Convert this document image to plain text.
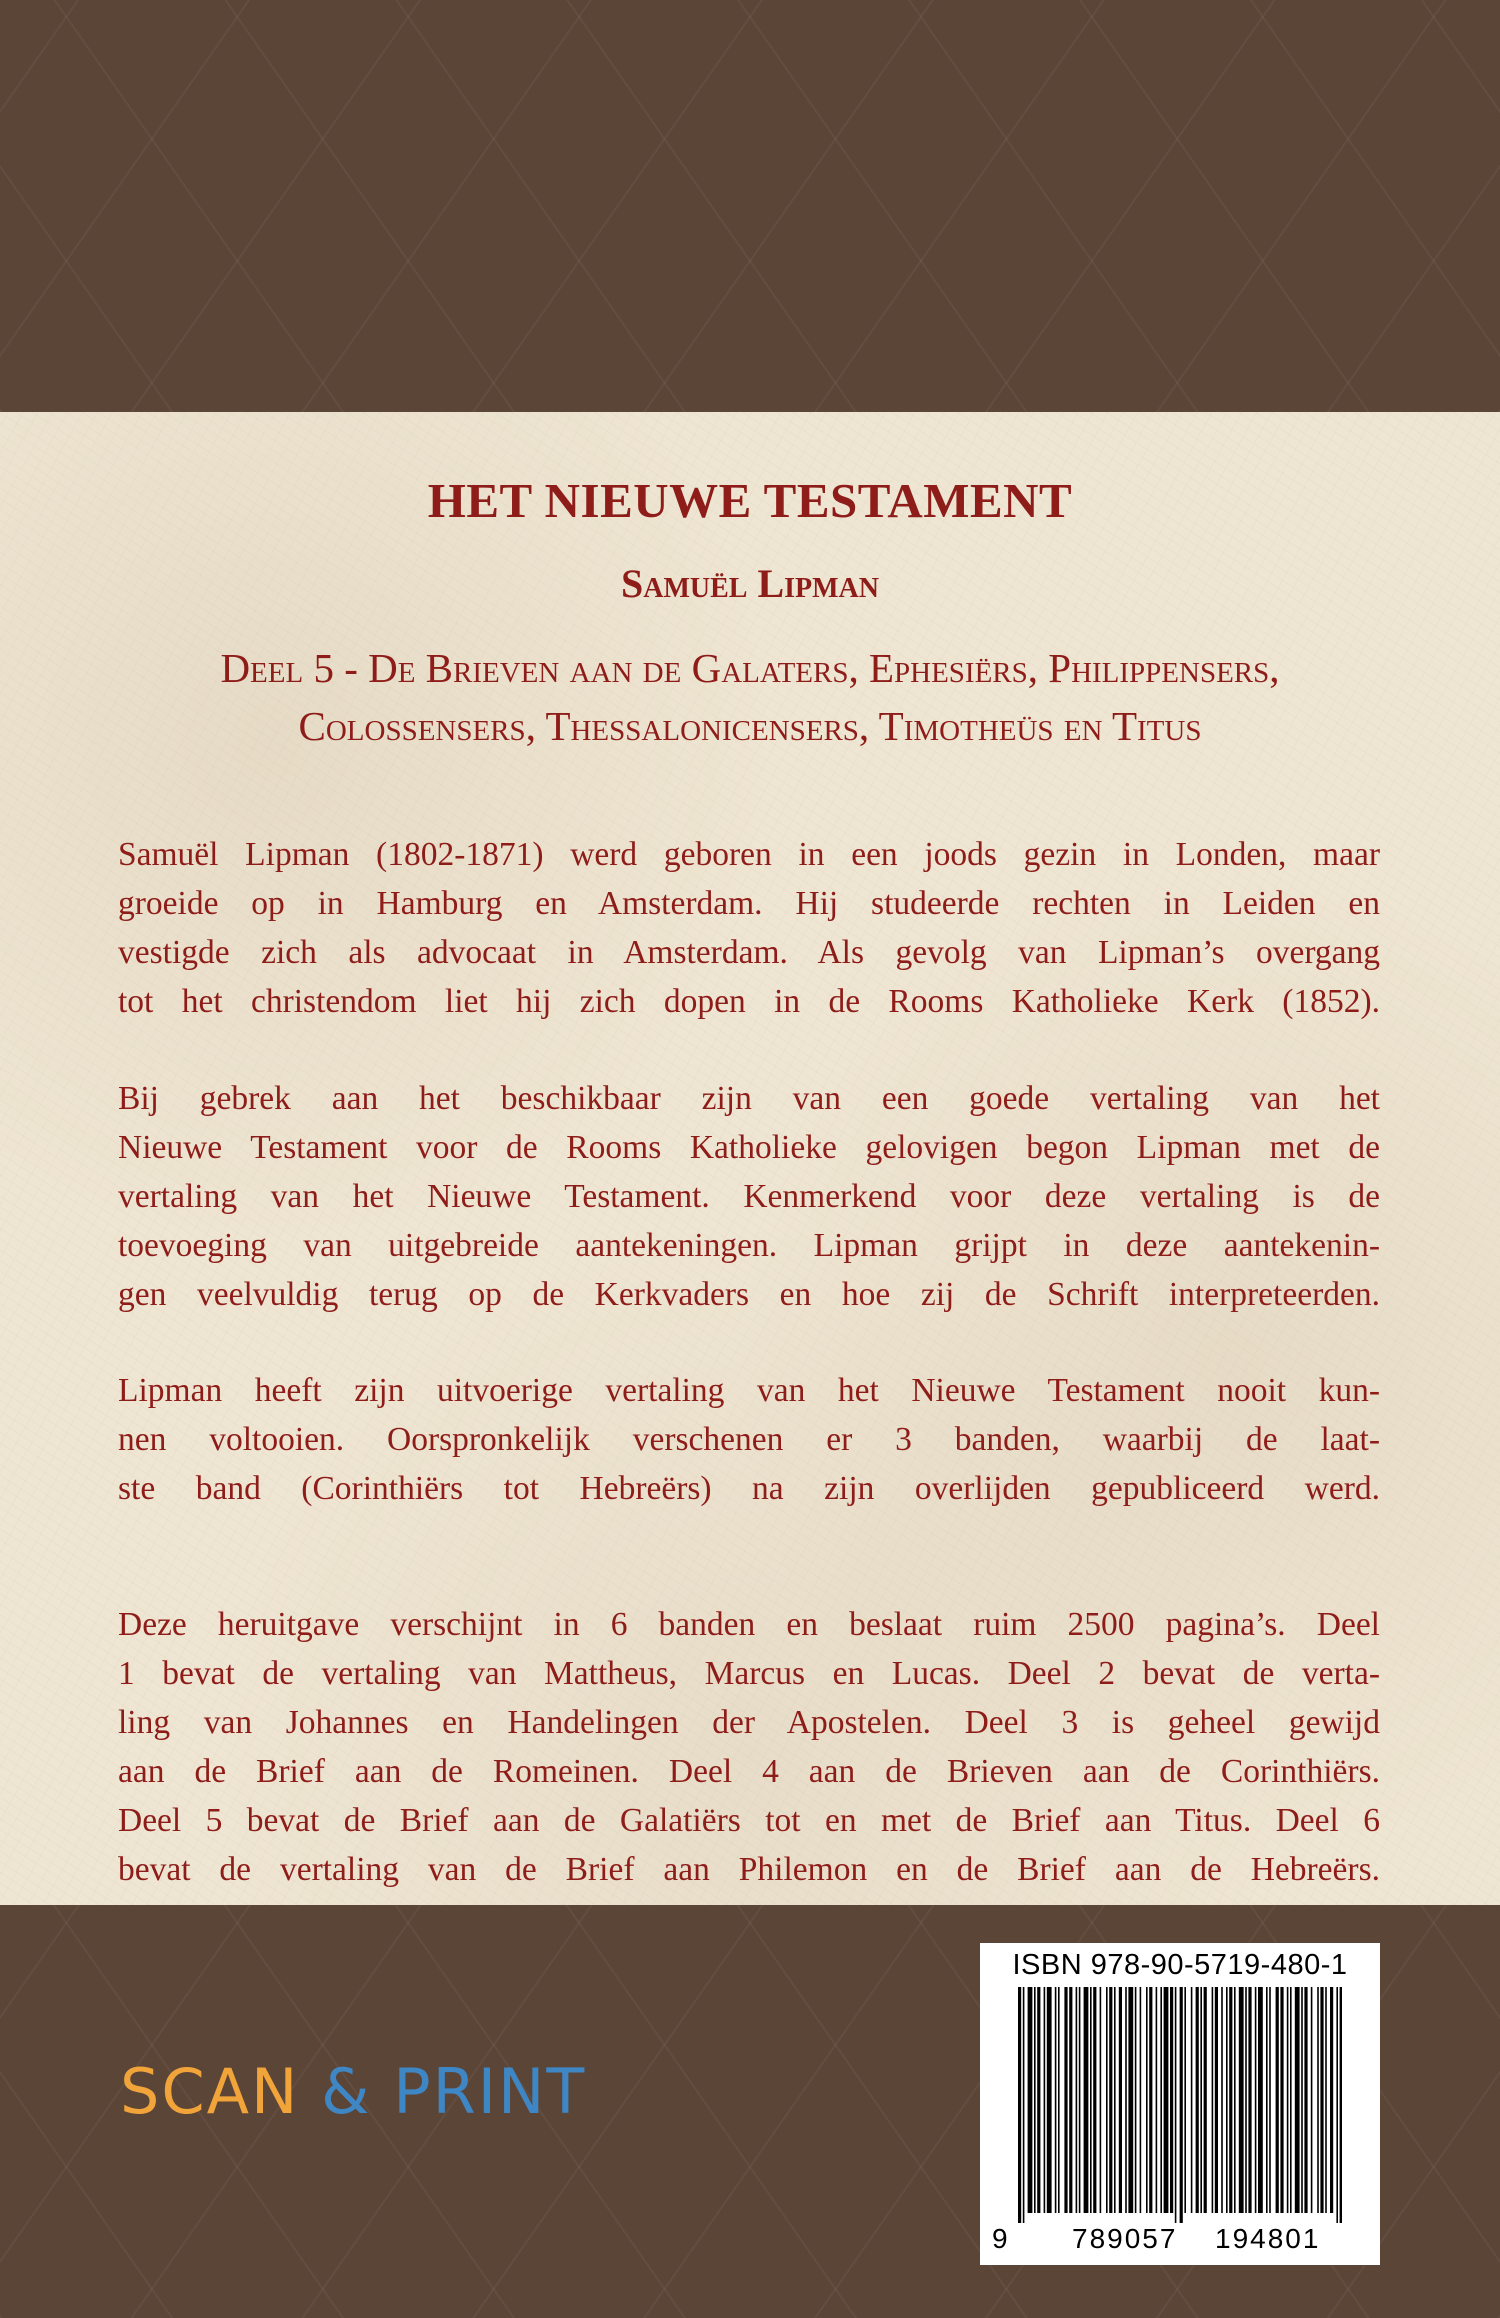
HET NIEUWE TESTAMENT
Samuël Lipman

Deel 5 - De Brieven aan de Galaters, Ephesiërs, Philippensers,

Colossensers, Thessalonicensers, Timotheüs en Titus

Samuël Lipman (1802-1871) werd geboren in een joods gezin in Londen, maar
groeide op in Hamburg en Amsterdam. Hij studeerde rechten in Leiden en
vestigde zich als advocaat in Amsterdam. Als gevolg van Lipman’s overgang
tot het christendom liet hij zich dopen in de Rooms Katholieke Kerk (1852).
Bij gebrek aan het beschikbaar zijn van een goede vertaling van het
Nieuwe Testament voor de Rooms Katholieke gelovigen begon Lipman met de
vertaling van het Nieuwe Testament. Kenmerkend voor deze vertaling is de
toevoeging van uitgebreide aantekeningen. Lipman grijpt in deze aantekenin-
gen veelvuldig terug op de Kerkvaders en hoe zij de Schrift interpreteerden.
Lipman heeft zijn uitvoerige vertaling van het Nieuwe Testament nooit kun-
nen voltooien. Oorspronkelijk verschenen er 3 banden, waarbij de laat-
ste band (Corinthiërs tot Hebreërs) na zijn overlijden gepubliceerd werd.
Deze heruitgave verschijnt in 6 banden en beslaat ruim 2500 pagina’s. Deel
1 bevat de vertaling van Mattheus, Marcus en Lucas. Deel 2 bevat de verta-
ling van Johannes en Handelingen der Apostelen. Deel 3 is geheel gewijd
aan de Brief aan de Romeinen. Deel 4 aan de Brieven aan de Corinthiërs.
Deel 5 bevat de Brief aan de Galatiërs tot en met de Brief aan Titus. Deel 6
bevat de vertaling van de Brief aan Philemon en de Brief aan de Hebreërs.
SCAN & PRINT
ISBN 978-90-5719-480-1
9 789057 194801
